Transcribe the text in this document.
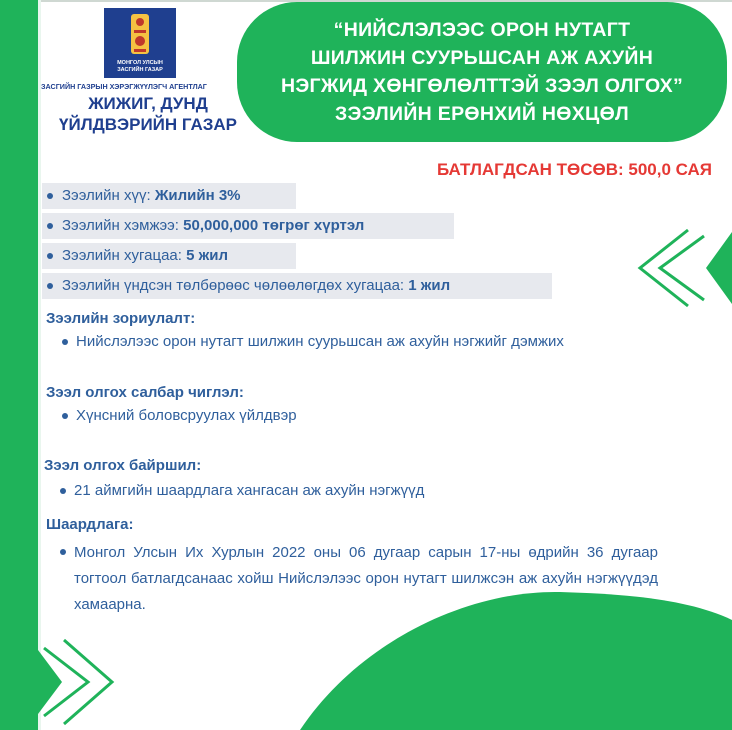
МОНГОЛ УЛСЫН
ЗАСГИЙН ГАЗАР
ЗАСГИЙН ГАЗРЫН ХЭРЭГЖҮҮЛЭГЧ АГЕНТЛАГ
ЖИЖИГ, ДУНД
ҮЙЛДВЭРИЙН ГАЗАР
“НИЙСЛЭЛЭЭС ОРОН НУТАГТ
ШИЛЖИН СУУРЬШСАН АЖ АХУЙН
НЭГЖИД ХӨНГӨЛӨЛТТЭЙ ЗЭЭЛ ОЛГОХ”
ЗЭЭЛИЙН ЕРӨНХИЙ НӨХЦӨЛ
БАТЛАГДСАН ТӨСӨВ: 500,0 САЯ
Зээлийн хүү: Жилийн 3%
Зээлийн хэмжээ: 50,000,000 төгрөг хүртэл
Зээлийн хугацаа: 5 жил
Зээлийн үндсэн төлбөрөөс чөлөөлөгдөх хугацаа: 1 жил
Зээлийн зориулалт:
Нийслэлээс орон нутагт шилжин суурьшсан аж ахуйн нэгжийг дэмжих
Зээл олгох салбар чиглэл:
Хүнсний боловсруулах үйлдвэр
Зээл олгох байршил:
21 аймгийн шаардлага хангасан аж ахуйн нэгжүүд
Шаардлага:
Монгол Улсын Их Хурлын 2022 оны 06 дугаар сарын 17-ны өдрийн 36 дугаар тогтоол батлагдсанаас хойш Нийслэлээс орон нутагт шилжсэн аж ахуйн нэгжүүдэд хамаарна.
